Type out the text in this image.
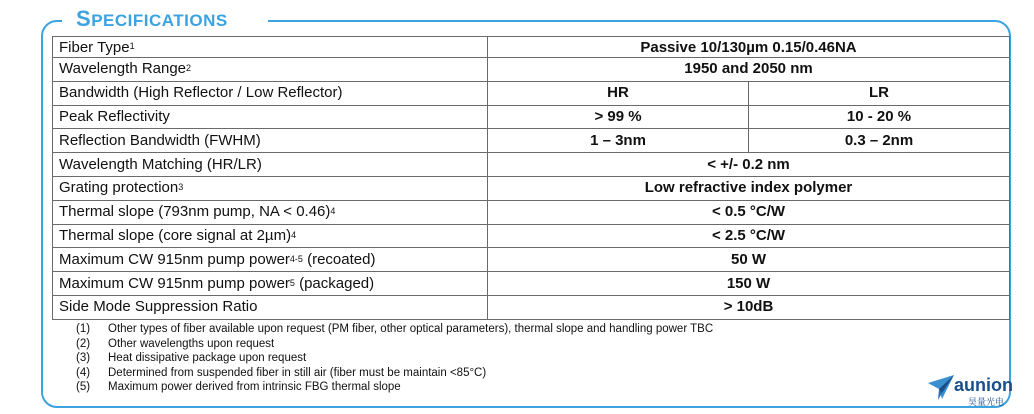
SPECIFICATIONS
Fiber Type$^1$	Passive 10/130µm 0.15/0.46NA	
Wavelength Range$^2$	1950 and 2050 nm	
Bandwidth (High Reflector / Low Reflector)	HR	LR
Peak Reflectivity	> 99 %	10 - 20 %
Reflection Bandwidth (FWHM)	1 – 3nm	0.3 – 2nm
Wavelength Matching (HR/LR)	< +/- 0.2 nm	
Grating protection$^3$	Low refractive index polymer	
Thermal slope (793nm pump, NA < 0.46)$^4$	< 0.5 °C/W	
Thermal slope (core signal at 2µm)$^4$	< 2.5 °C/W	
Maximum CW 915nm pump power$^{4-5}$ (recoated)	50 W	
Maximum CW 915nm pump power$^5$ (packaged)	150 W	
Side Mode Suppression Ratio	> 10dB	
(1)	Other types of fiber available upon request (PM fiber, other optical parameters), thermal slope and handling power TBC
(2)	Other wavelengths upon request
(3)	Heat dissipative package upon request
(4)	Determined from suspended fiber in still air (fiber must be maintain <85°C)
(5)	Maximum power derived from intrinsic FBG thermal slope	aunion
昊量光电
